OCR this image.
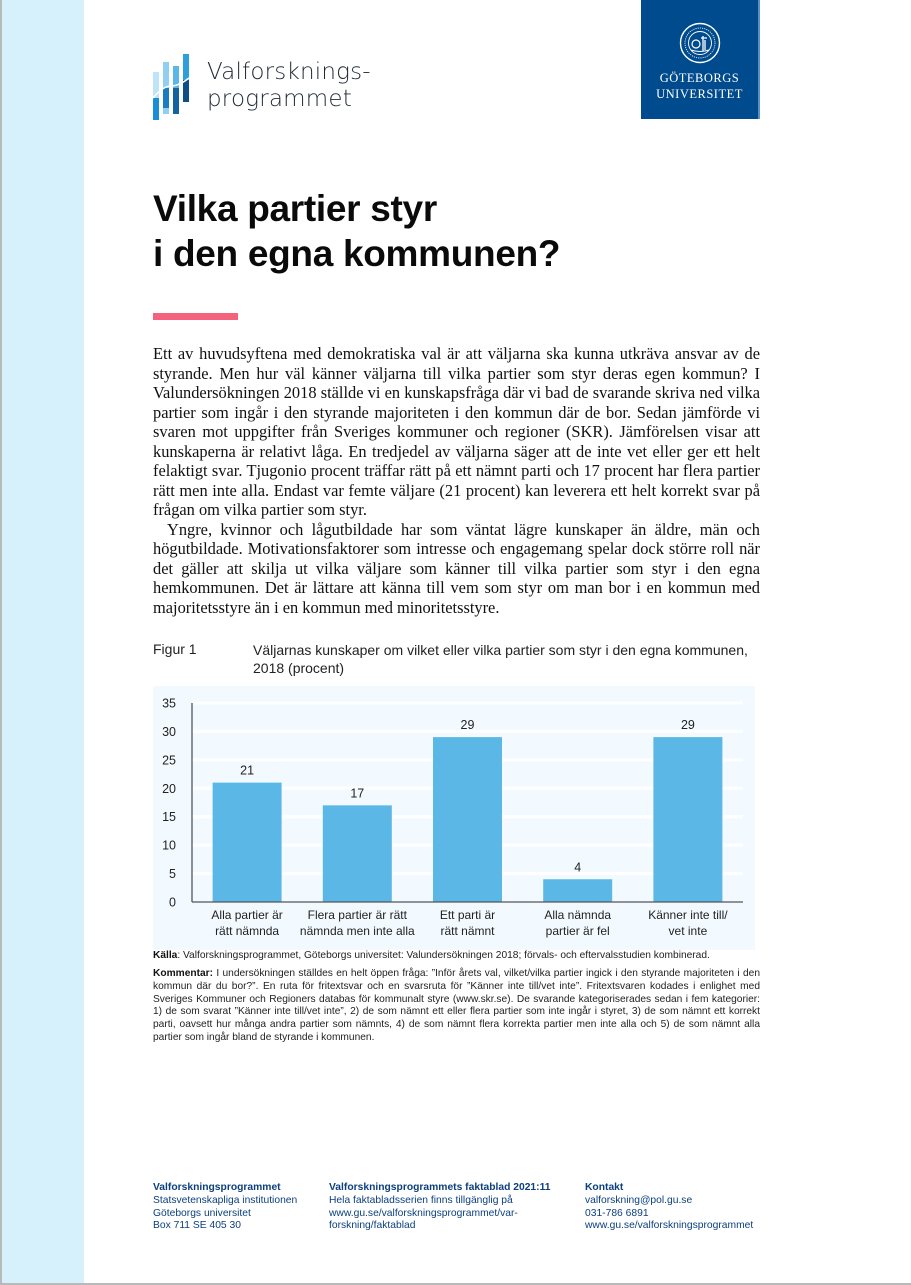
Valforsknings-
programmet
GÖTEBORGS
UNIVERSITET
Vilka partier styr
i den egna kommunen?

Ett av huvudsyftena med demokratiska val är att väljarna ska kunna utkräva ansvar av de styrande. Men hur väl känner väljarna till vilka partier som styr deras egen kommun? I Valundersökningen 2018 ställde vi en kunskapsfråga där vi bad de svarande skriva ned vilka partier som ingår i den styrande majoriteten i den kommun där de bor. Sedan jämförde vi svaren mot uppgifter från Sveriges kommuner och regioner (SKR). Jämförelsen visar att kunskaperna är relativt låga. En tredjedel av väljarna säger att de inte vet eller ger ett helt felaktigt svar. Tjugonio procent träffar rätt på ett nämnt parti och 17 procent har flera partier rätt men inte alla. Endast var femte väljare (21 procent) kan leverera ett helt korrekt svar på frågan om vilka partier som styr.

Yngre, kvinnor och lågutbildade har som väntat lägre kunskaper än äldre, män och högutbildade. Motivationsfaktorer som intresse och engagemang spelar dock större roll när det gäller att skilja ut vilka väljare som känner till vilka partier som styr i den egna hemkommunen. Det är lättare att känna till vem som styr om man bor i en kommun med majoritetsstyre än i en kommun med minoritetsstyre.

Figur 1	Väljarnas kunskaper om vilket eller vilka partier som styr i den egna kommunen, 2018 (procent)
0
5
10
15
20
25
30
35
21
Alla partier är
rätt nämnda
17
Flera partier är rätt
nämnda men inte alla
29
Ett parti är
rätt nämnt
4
Alla nämnda
partier är fel
29
Känner inte till/
vet inte
Källa: Valforskningsprogrammet, Göteborgs universitet: Valundersökningen 2018; förvals- och eftervalsstudien kombinerad.
Kommentar: I undersökningen ställdes en helt öppen fråga: ”Inför årets val, vilket/vilka partier ingick i den styrande majoriteten i den kommun där du bor?”. En ruta för fritextsvar och en svarsruta för ”Känner inte till/vet inte”. Fritextsvaren kodades i enlighet med Sveriges Kommuner och Regioners databas för kommunalt styre (www.skr.se). De svarande kategoriserades sedan i fem kategorier: 1) de som svarat ”Känner inte till/vet inte”, 2) de som nämnt ett eller flera partier som inte ingår i styret, 3) de som nämnt ett korrekt parti, oavsett hur många andra partier som nämnts, 4) de som nämnt flera korrekta partier men inte alla och 5) de som nämnt alla partier som ingår bland de styrande i kommunen.
Valforskningsprogrammet
Statsvetenskapliga institutionen
Göteborgs universitet
Box 711 SE 405 30
Valforskningsprogrammets faktablad 2021:11
Hela faktabladsserien finns tillgänglig på
www.gu.se/valforskningsprogrammet/var-
forskning/faktablad
Kontakt
valforskning@pol.gu.se
031-786 6891
www.gu.se/valforskningsprogrammet
